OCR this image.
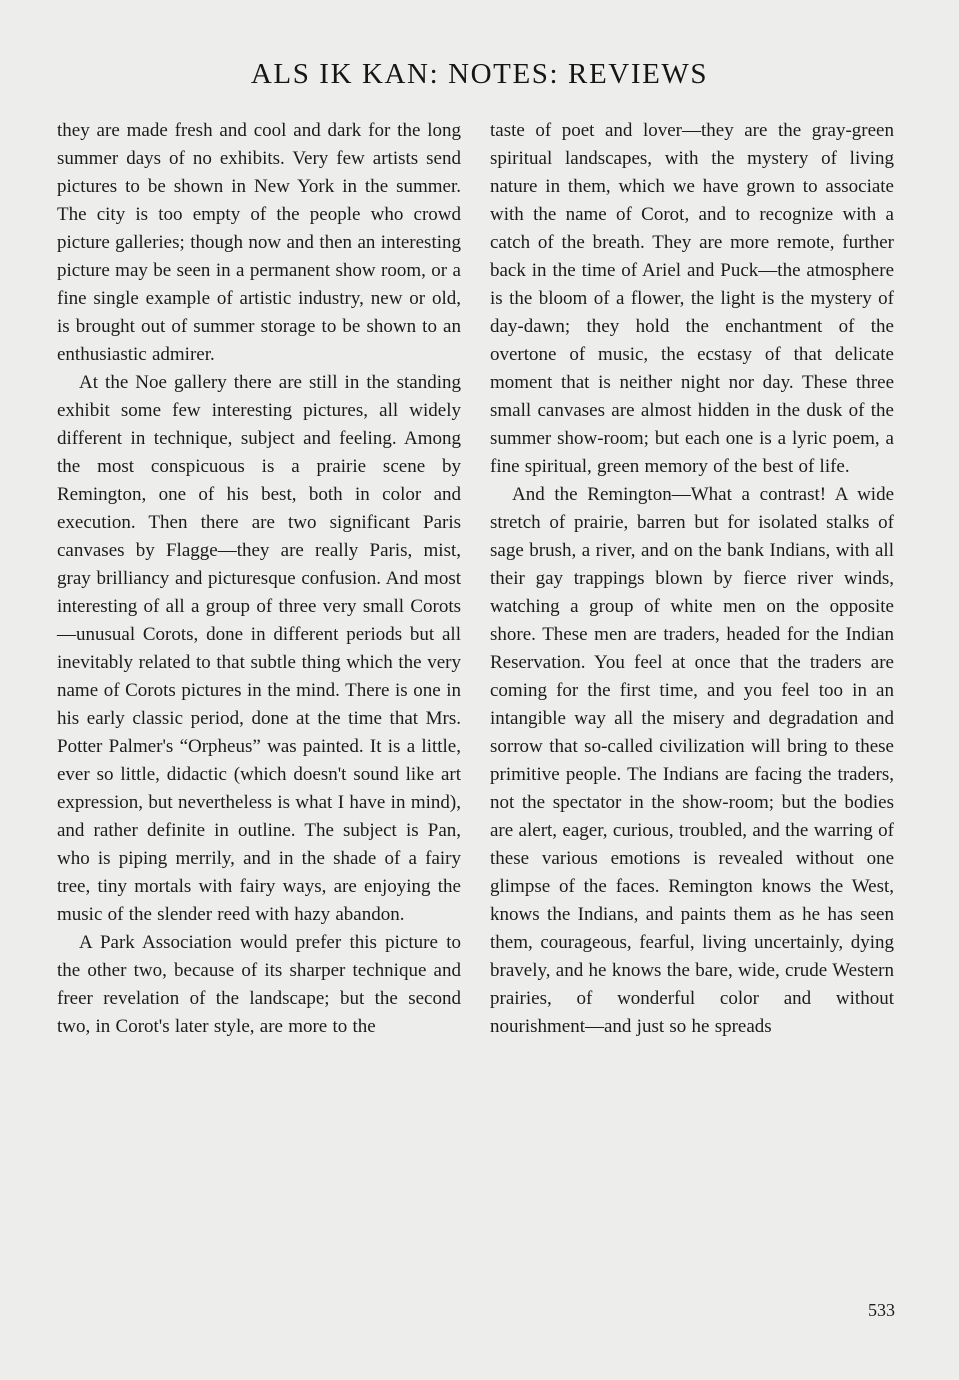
ALS IK KAN: NOTES: REVIEWS

they are made fresh and cool and dark for the long summer days of no exhibits. Very few artists send pictures to be shown in New York in the summer. The city is too empty of the people who crowd picture galleries; though now and then an interesting picture may be seen in a permanent show room, or a fine single example of artistic industry, new or old, is brought out of summer storage to be shown to an enthusiastic admirer.

At the Noe gallery there are still in the standing exhibit some few interesting pictures, all widely different in technique, subject and feeling. Among the most conspicuous is a prairie scene by Remington, one of his best, both in color and execution. Then there are two significant Paris canvases by Flagge—they are really Paris, mist, gray brilliancy and picturesque confusion. And most interesting of all a group of three very small Corots—unusual Corots, done in different periods but all inevitably related to that subtle thing which the very name of Corots pictures in the mind. There is one in his early classic period, done at the time that Mrs. Potter Palmer's “Orpheus” was painted. It is a little, ever so little, didactic (which doesn't sound like art expression, but nevertheless is what I have in mind), and rather definite in outline. The subject is Pan, who is piping merrily, and in the shade of a fairy tree, tiny mortals with fairy ways, are enjoying the music of the slender reed with hazy abandon.

A Park Association would prefer this picture to the other two, because of its sharper technique and freer revelation of the landscape; but the second two, in Corot's later style, are more to the

taste of poet and lover—they are the gray-green spiritual landscapes, with the mystery of living nature in them, which we have grown to associate with the name of Corot, and to recognize with a catch of the breath. They are more remote, further back in the time of Ariel and Puck—the atmosphere is the bloom of a flower, the light is the mystery of day-dawn; they hold the enchantment of the overtone of music, the ecstasy of that delicate moment that is neither night nor day. These three small canvases are almost hidden in the dusk of the summer show-room; but each one is a lyric poem, a fine spiritual, green memory of the best of life.

And the Remington—What a contrast! A wide stretch of prairie, barren but for isolated stalks of sage brush, a river, and on the bank Indians, with all their gay trappings blown by fierce river winds, watching a group of white men on the opposite shore. These men are traders, headed for the Indian Reservation. You feel at once that the traders are coming for the first time, and you feel too in an intangible way all the misery and degradation and sorrow that so-called civilization will bring to these primitive people. The Indians are facing the traders, not the spectator in the show-room; but the bodies are alert, eager, curious, troubled, and the warring of these various emotions is revealed without one glimpse of the faces. Remington knows the West, knows the Indians, and paints them as he has seen them, courageous, fearful, living uncertainly, dying bravely, and he knows the bare, wide, crude Western prairies, of wonderful color and without nourishment—and just so he spreads

533
